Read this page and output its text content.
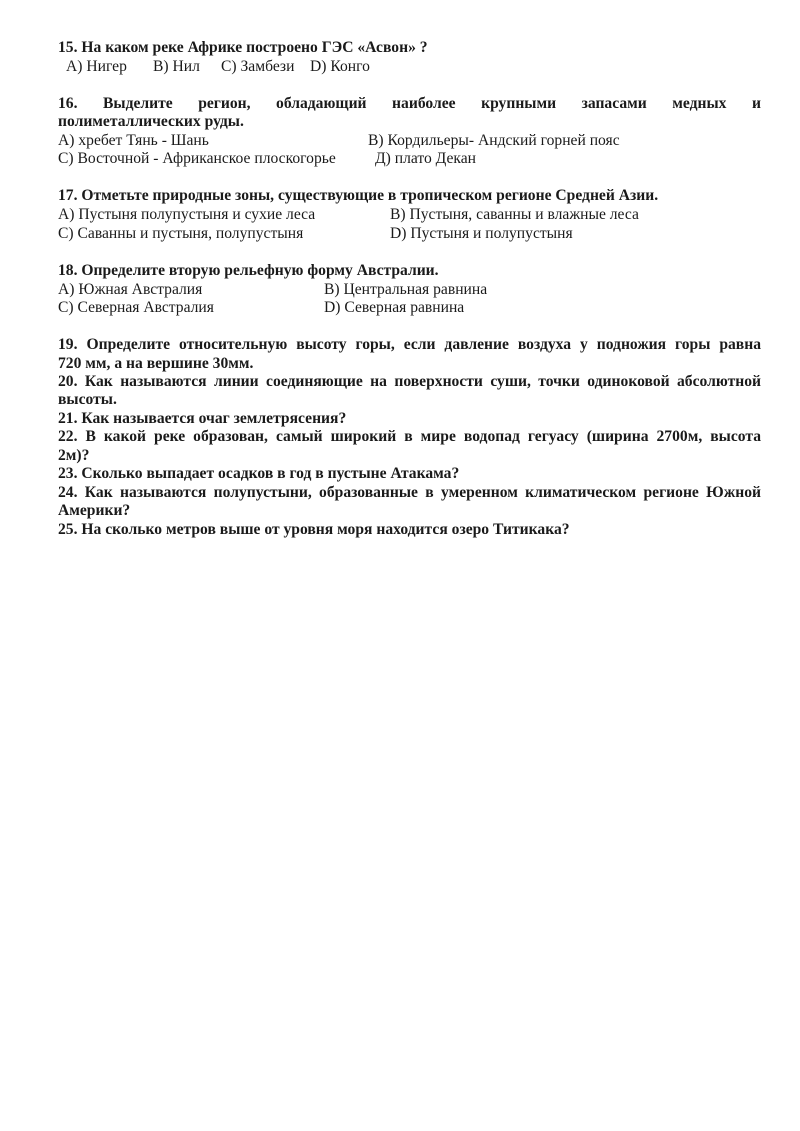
15. На каком реке Африке построено ГЭС «Асвон» ?
A) Нигер B) Нил C) Замбези D) Конго
16. Выделите регион, обладающий наиболее крупными запасами медных и
полиметаллических руды.
А) хребет Тянь - Шань	В) Кордильеры- Андский горней пояс
С) Восточной - Африканское плоскогорье	Д) плато Декан
17. Отметьте природные зоны, существующие в тропическом регионе Средней Азии.
A) Пустыня полупустыня и сухие леса	B) Пустыня, саванны и влажные леса
C) Саванны и пустыня, полупустыня	D) Пустыня и полупустыня
18. Определите вторую рельефную форму Австралии.
A) Южная Австралия	B) Центральная равнина
C) Северная Австралия	D) Северная равнина
19. Определите относительную высоту горы, если давление воздуха у подножия горы равна
720 мм, а на вершине 30мм.
20. Как называются линии соединяющие на поверхности суши, точки одиноковой абсолютной
высоты.
21. Как называется очаг землетрясения?
22. В какой реке образован, самый широкий в мире водопад гегуасу (ширина 2700м, высота
2м)?
23. Сколько выпадает осадков в год в пустыне Атакама?
24. Как называются полупустыни, образованные в умеренном климатическом регионе Южной
Америки?
25. На сколько метров выше от уровня моря находится озеро Титикака?
